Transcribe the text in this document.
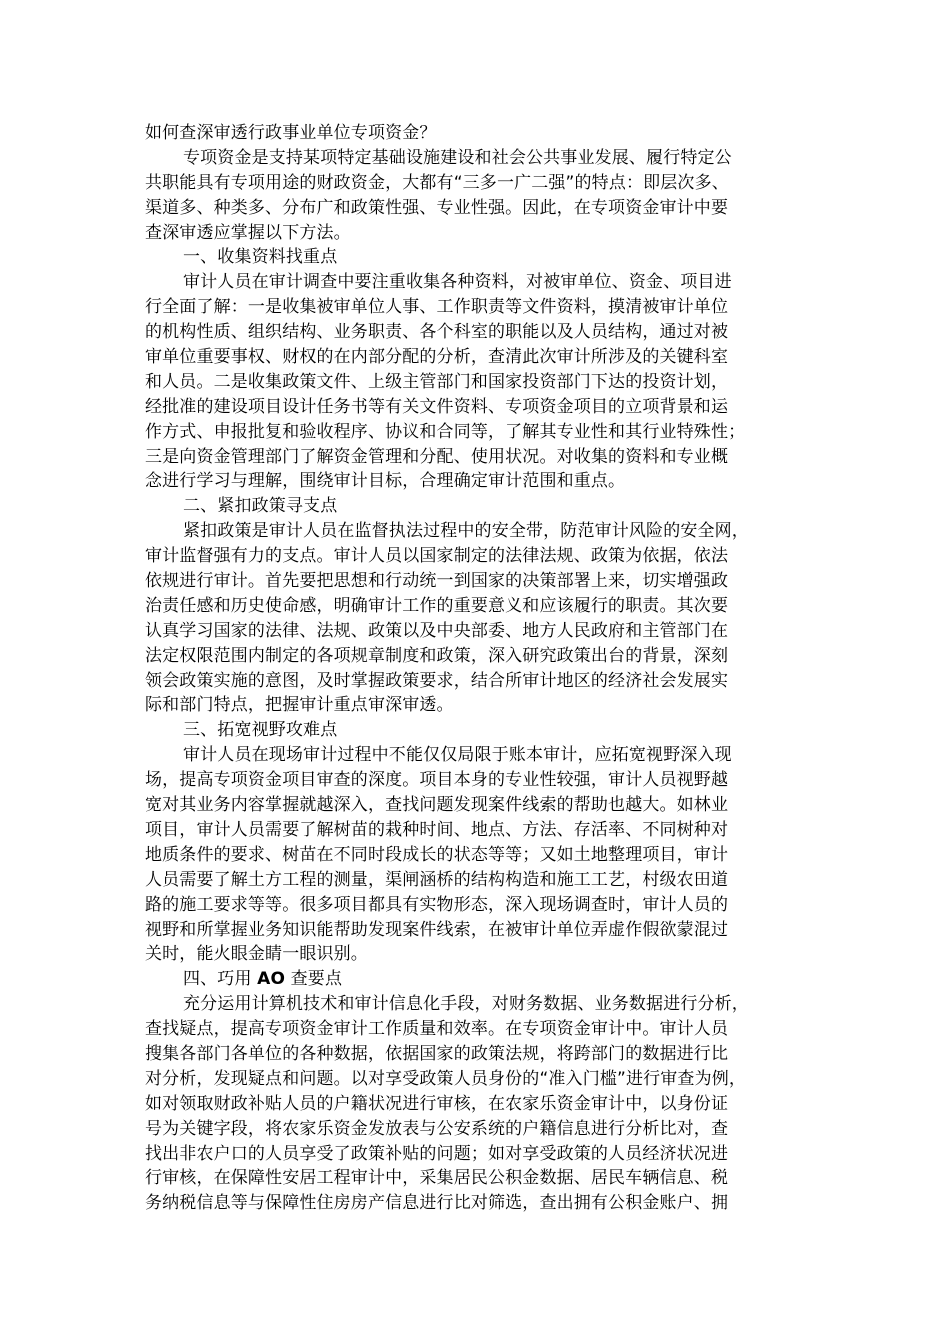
如何查深审透行政事业单位专项资金？
专项资金是支持某项特定基础设施建设和社会公共事业发展、履行特定公
共职能具有专项用途的财政资金，大都有“三多一广二强”的特点：即层次多、
渠道多、种类多、分布广和政策性强、专业性强。因此，在专项资金审计中要
查深审透应掌握以下方法。
一、收集资料找重点
审计人员在审计调查中要注重收集各种资料，对被审单位、资金、项目进
行全面了解：一是收集被审单位人事、工作职责等文件资料，摸清被审计单位
的机构性质、组织结构、业务职责、各个科室的职能以及人员结构，通过对被
审单位重要事权、财权的在内部分配的分析，查清此次审计所涉及的关键科室
和人员。二是收集政策文件、上级主管部门和国家投资部门下达的投资计划，
经批准的建设项目设计任务书等有关文件资料、专项资金项目的立项背景和运
作方式、申报批复和验收程序、协议和合同等，了解其专业性和其行业特殊性；
三是向资金管理部门了解资金管理和分配、使用状况。对收集的资料和专业概
念进行学习与理解，围绕审计目标，合理确定审计范围和重点。
二、紧扣政策寻支点
紧扣政策是审计人员在监督执法过程中的安全带，防范审计风险的安全网，
审计监督强有力的支点。审计人员以国家制定的法律法规、政策为依据，依法
依规进行审计。首先要把思想和行动统一到国家的决策部署上来，切实增强政
治责任感和历史使命感，明确审计工作的重要意义和应该履行的职责。其次要
认真学习国家的法律、法规、政策以及中央部委、地方人民政府和主管部门在
法定权限范围内制定的各项规章制度和政策，深入研究政策出台的背景，深刻
领会政策实施的意图，及时掌握政策要求，结合所审计地区的经济社会发展实
际和部门特点，把握审计重点审深审透。
三、拓宽视野攻难点
审计人员在现场审计过程中不能仅仅局限于账本审计，应拓宽视野深入现
场，提高专项资金项目审查的深度。项目本身的专业性较强，审计人员视野越
宽对其业务内容掌握就越深入，查找问题发现案件线索的帮助也越大。如林业
项目，审计人员需要了解树苗的栽种时间、地点、方法、存活率、不同树种对
地质条件的要求、树苗在不同时段成长的状态等等；又如土地整理项目，审计
人员需要了解土方工程的测量，渠闸涵桥的结构构造和施工工艺，村级农田道
路的施工要求等等。很多项目都具有实物形态，深入现场调查时，审计人员的
视野和所掌握业务知识能帮助发现案件线索，在被审计单位弄虚作假欲蒙混过
关时，能火眼金睛一眼识别。
四、巧用 AO 查要点
充分运用计算机技术和审计信息化手段，对财务数据、业务数据进行分析，
查找疑点，提高专项资金审计工作质量和效率。在专项资金审计中。审计人员
搜集各部门各单位的各种数据，依据国家的政策法规，将跨部门的数据进行比
对分析，发现疑点和问题。以对享受政策人员身份的“准入门槛”进行审查为例，
如对领取财政补贴人员的户籍状况进行审核，在农家乐资金审计中，以身份证
号为关键字段，将农家乐资金发放表与公安系统的户籍信息进行分析比对，查
找出非农户口的人员享受了政策补贴的问题；如对享受政策的人员经济状况进
行审核，在保障性安居工程审计中，采集居民公积金数据、居民车辆信息、税
务纳税信息等与保障性住房房产信息进行比对筛选，查出拥有公积金账户、拥
